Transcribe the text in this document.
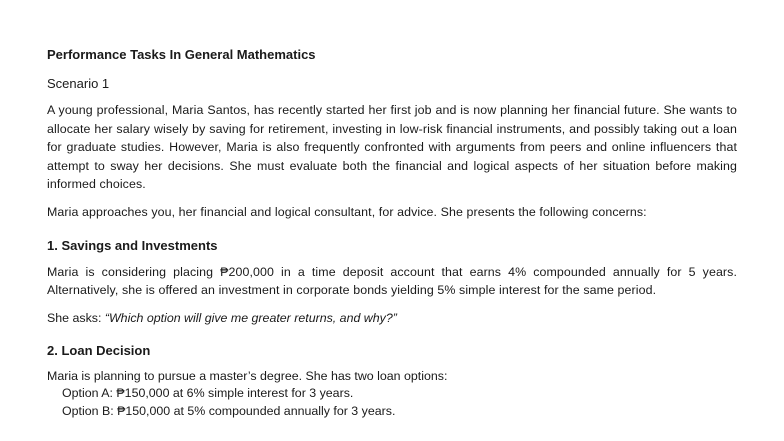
Performance Tasks In General Mathematics

Scenario 1

A young professional, Maria Santos, has recently started her first job and is now planning her financial future. She wants to allocate her salary wisely by saving for retirement, investing in low-risk financial instruments, and possibly taking out a loan for graduate studies. However, Maria is also frequently confronted with arguments from peers and online influencers that attempt to sway her decisions. She must evaluate both the financial and logical aspects of her situation before making informed choices.

Maria approaches you, her financial and logical consultant, for advice. She presents the following concerns:

1. Savings and Investments

Maria is considering placing ₱200,000 in a time deposit account that earns 4% compounded annually for 5 years. Alternatively, she is offered an investment in corporate bonds yielding 5% simple interest for the same period.

She asks: “Which option will give me greater returns, and why?”

2. Loan Decision

Maria is planning to pursue a master’s degree. She has two loan options:

Option A: ₱150,000 at 6% simple interest for 3 years.

Option B: ₱150,000 at 5% compounded annually for 3 years.
